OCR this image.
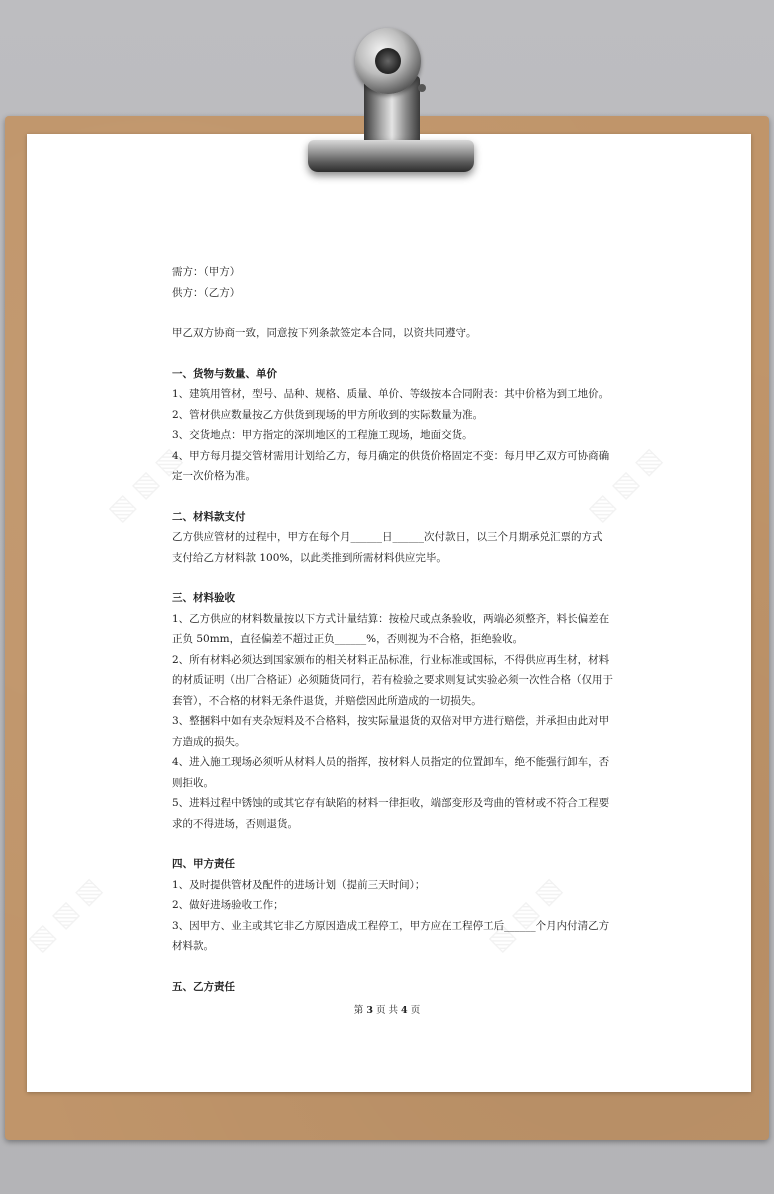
▧ ▧ ▧	▧ ▧ ▧
▧ ▧ ▧	▧ ▧ ▧
需方：（甲方）
供方：（乙方）
甲乙双方协商一致，同意按下列条款签定本合同，以资共同遵守。
一、货物与数量、单价
1、建筑用管材，型号、品种、规格、质量、单价、等级按本合同附表：其中价格为到工地价。
2、管材供应数量按乙方供货到现场的甲方所收到的实际数量为准。
3、交货地点：甲方指定的深圳地区的工程施工现场，地面交货。
4、甲方每月提交管材需用计划给乙方，每月确定的供货价格固定不变：每月甲乙双方可协商确
定一次价格为准。
二、材料款支付
乙方供应管材的过程中，甲方在每个月______日______次付款日，以三个月期承兑汇票的方式
支付给乙方材料款 100%，以此类推到所需材料供应完毕。
三、材料验收
1、乙方供应的材料数量按以下方式计量结算：按检尺或点条验收，两端必须整齐，料长偏差在
正负 50mm，直径偏差不超过正负______%，否则视为不合格，拒绝验收。
2、所有材料必须达到国家颁布的相关材料正品标准，行业标准或国标，不得供应再生材，材料
的材质证明（出厂合格证）必须随货同行，若有检验之要求则复试实验必须一次性合格（仅用于
套管），不合格的材料无条件退货，并赔偿因此所造成的一切损失。
3、整捆料中如有夹杂短料及不合格料，按实际量退货的双倍对甲方进行赔偿，并承担由此对甲
方造成的损失。
4、进入施工现场必须听从材料人员的指挥，按材料人员指定的位置卸车，绝不能强行卸车，否
则拒收。
5、进料过程中锈蚀的或其它存有缺陷的材料一律拒收，端部变形及弯曲的管材或不符合工程要
求的不得进场，否则退货。
四、甲方责任
1、及时提供管材及配件的进场计划（提前三天时间）；
2、做好进场验收工作；
3、因甲方、业主或其它非乙方原因造成工程停工，甲方应在工程停工后______个月内付清乙方
材料款。
五、乙方责任
第 3 页 共 4 页
